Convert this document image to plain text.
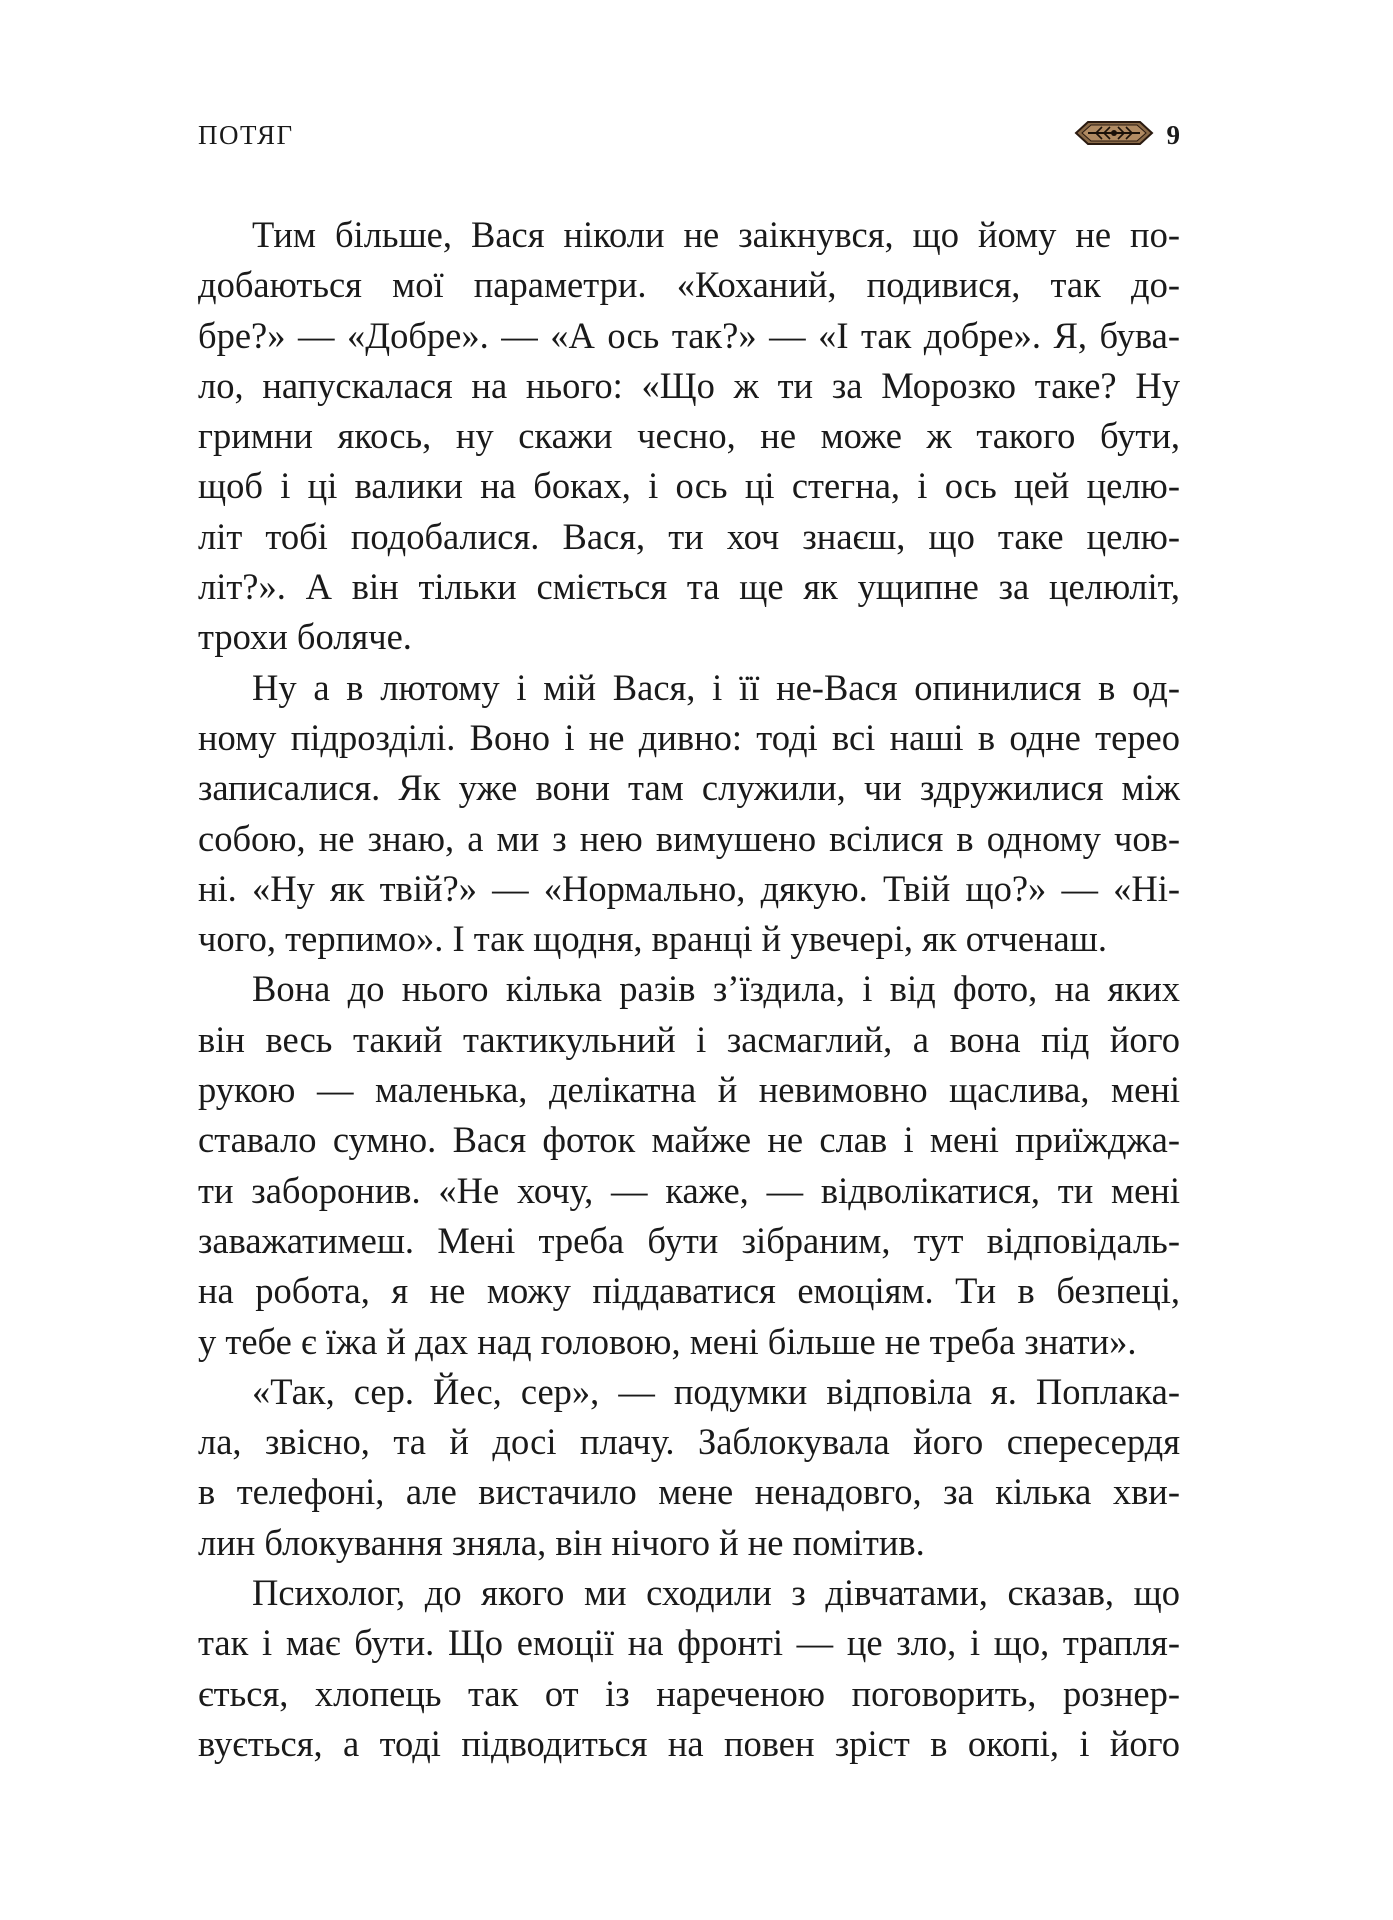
ПОТЯГ	9

Тим більше, Вася ніколи не заікнувся, що йому не по-
добаються мої параметри. «Коханий, подивися, так до-
бре?» — «Добре». — «А ось так?» — «І так добре». Я, бува-
ло, напускалася на нього: «Що ж ти за Морозко таке? Ну
гримни якось, ну скажи чесно, не може ж такого бути,
щоб і ці валики на боках, і ось ці стегна, і ось цей целю-
літ тобі подобалися. Вася, ти хоч знаєш, що таке целю-
літ?». А він тільки сміється та ще як ущипне за целюліт,
трохи боляче.

Ну а в лютому і мій Вася, і її не-Вася опинилися в од-
ному підрозділі. Воно і не дивно: тоді всі наші в одне терео
записалися. Як уже вони там служили, чи здружилися між
собою, не знаю, а ми з нею вимушено всілися в одному чов-
ні. «Ну як твій?» — «Нормально, дякую. Твій що?» — «Ні-
чого, терпимо». І так щодня, вранці й увечері, як отченаш.

Вона до нього кілька разів з’їздила, і від фото, на яких
він весь такий тактикульний і засмаглий, а вона під його
рукою — маленька, делікатна й невимовно щаслива, мені
ставало сумно. Вася фоток майже не слав і мені приїжджа-
ти заборонив. «Не хочу, — каже, — відволікатися, ти мені
заважатимеш. Мені треба бути зібраним, тут відповідаль-
на робота, я не можу піддаватися емоціям. Ти в безпеці,
у тебе є їжа й дах над головою, мені більше не треба знати».

«Так, сер. Йес, сер», — подумки відповіла я. Поплака-
ла, звісно, та й досі плачу. Заблокувала його спересердя
в телефоні, але вистачило мене ненадовго, за кілька хви-
лин блокування зняла, він нічого й не помітив.

Психолог, до якого ми сходили з дівчатами, сказав, що
так і має бути. Що емоції на фронті — це зло, і що, трапля-
ється, хлопець так от із нареченою поговорить, рознер-
вується, а тоді підводиться на повен зріст в окопі, і його
